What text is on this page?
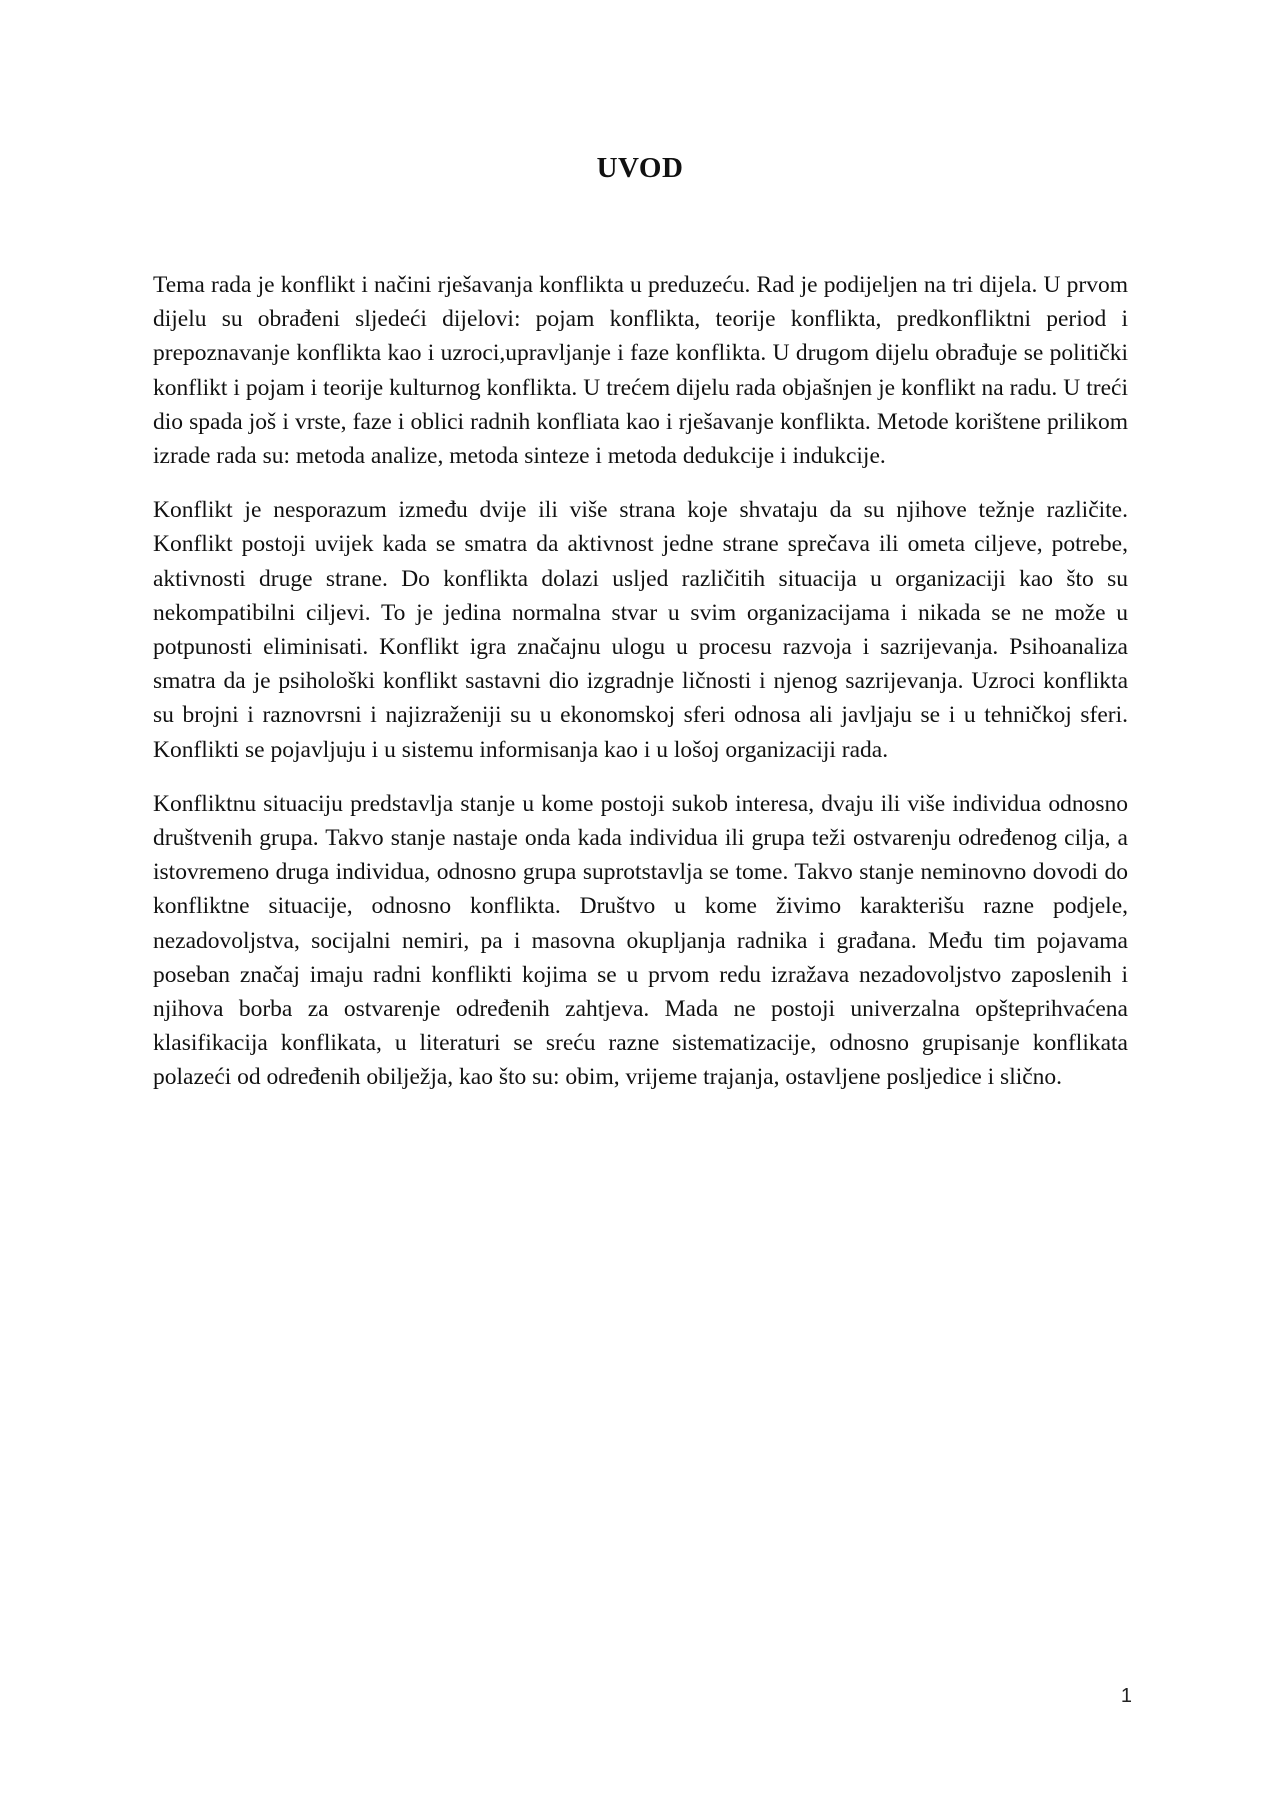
UVOD

Tema rada je konflikt i načini rješavanja konflikta u preduzeću. Rad je podijeljen na tri dijela. U prvom dijelu su obrađeni sljedeći dijelovi: pojam konflikta, teorije konflikta, predkonfliktni period i prepoznavanje konflikta kao i uzroci,upravljanje i faze konflikta. U drugom dijelu obrađuje se politički konflikt i pojam i teorije kulturnog konflikta. U trećem dijelu rada objašnjen je konflikt na radu. U treći dio spada još i vrste, faze i oblici radnih konfliata kao i rješavanje konflikta. Metode korištene prilikom izrade rada su: metoda analize, metoda sinteze i metoda dedukcije i indukcije.

Konflikt je nesporazum između dvije ili više strana koje shvataju da su njihove težnje različite. Konflikt postoji uvijek kada se smatra da aktivnost jedne strane sprečava ili ometa ciljeve, potrebe, aktivnosti druge strane. Do konflikta dolazi usljed različitih situacija u organizaciji kao što su nekompatibilni ciljevi. To je jedina normalna stvar u svim organizacijama i nikada se ne može u potpunosti eliminisati. Konflikt igra značajnu ulogu u procesu razvoja i sazrijevanja. Psihoanaliza smatra da je psihološki konflikt sastavni dio izgradnje ličnosti i njenog sazrijevanja. Uzroci konflikta su brojni i raznovrsni i najizraženiji su u ekonomskoj sferi odnosa ali javljaju se i u tehničkoj sferi. Konflikti se pojavljuju i u sistemu informisanja kao i u lošoj organizaciji rada.

Konfliktnu situaciju predstavlja stanje u kome postoji sukob interesa, dvaju ili više individua odnosno društvenih grupa. Takvo stanje nastaje onda kada individua ili grupa teži ostvarenju određenog cilja, a istovremeno druga individua, odnosno grupa suprotstavlja se tome. Takvo stanje neminovno dovodi do konfliktne situacije, odnosno konflikta. Društvo u kome živimo karakterišu razne podjele, nezadovoljstva, socijalni nemiri, pa i masovna okupljanja radnika i građana. Među tim pojavama poseban značaj imaju radni konflikti kojima se u prvom redu izražava nezadovoljstvo zaposlenih i njihova borba za ostvarenje određenih zahtjeva. Mada ne postoji univerzalna opšteprihvaćena klasifikacija konflikata, u literaturi se sreću razne sistematizacije, odnosno grupisanje konflikata polazeći od određenih obilježja, kao što su: obim, vrijeme trajanja, ostavljene posljedice i slično.

1
